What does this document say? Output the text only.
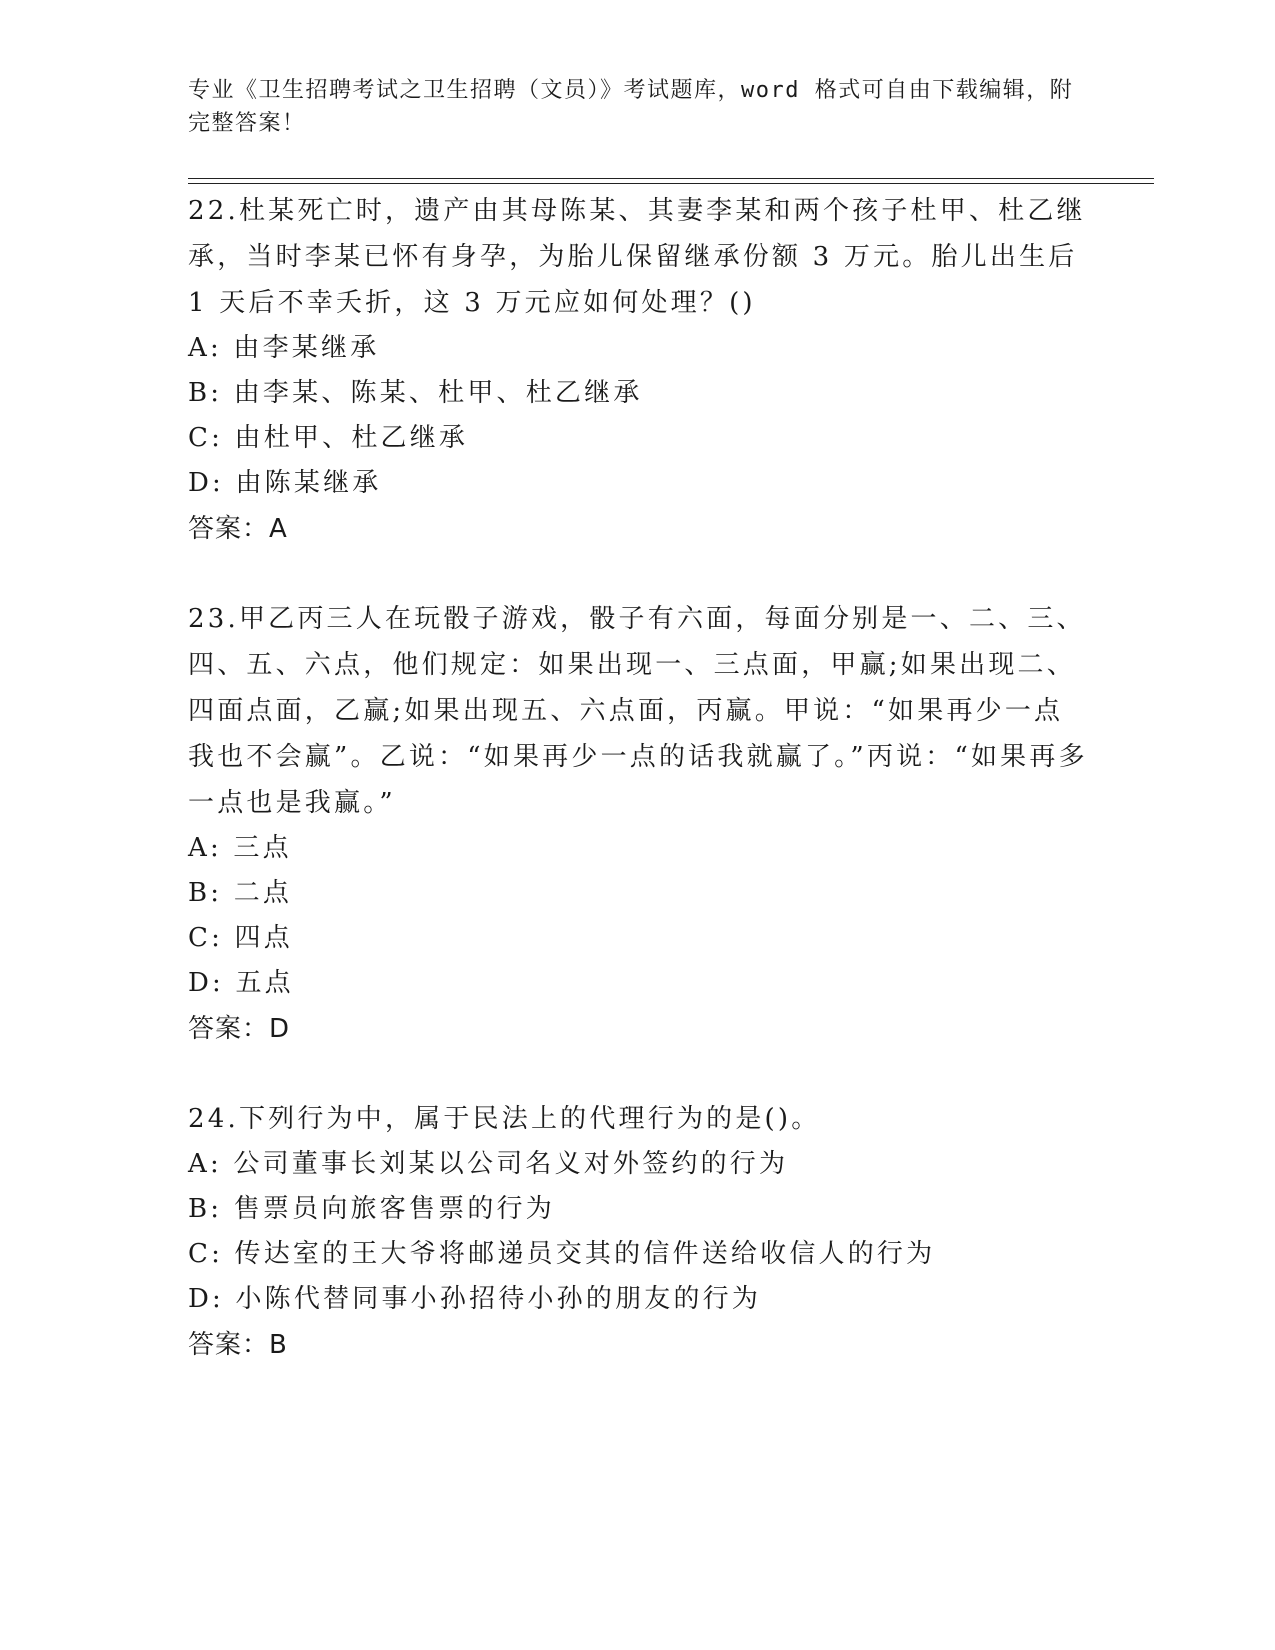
专业《卫生招聘考试之卫生招聘（文员）》考试题库，word 格式可自由下载编辑，附完整答案！

22.杜某死亡时，遗产由其母陈某、其妻李某和两个孩子杜甲、杜乙继承，当时李某已怀有身孕，为胎儿保留继承份额 3 万元。胎儿出生后 1 天后不幸夭折，这 3 万元应如何处理？()

A: 由李某继承

B: 由李某、陈某、杜甲、杜乙继承

C: 由杜甲、杜乙继承

D: 由陈某继承

答案：A

23.甲乙丙三人在玩骰子游戏，骰子有六面，每面分别是一、二、三、四、五、六点，他们规定：如果出现一、三点面，甲赢;如果出现二、四面点面，乙赢;如果出现五、六点面，丙赢。甲说：“如果再少一点我也不会赢”。乙说：“如果再少一点的话我就赢了。”丙说：“如果再多一点也是我赢。”

A: 三点

B: 二点

C: 四点

D: 五点

答案：D

24.下列行为中，属于民法上的代理行为的是()。

A: 公司董事长刘某以公司名义对外签约的行为

B: 售票员向旅客售票的行为

C: 传达室的王大爷将邮递员交其的信件送给收信人的行为

D: 小陈代替同事小孙招待小孙的朋友的行为

答案：B
